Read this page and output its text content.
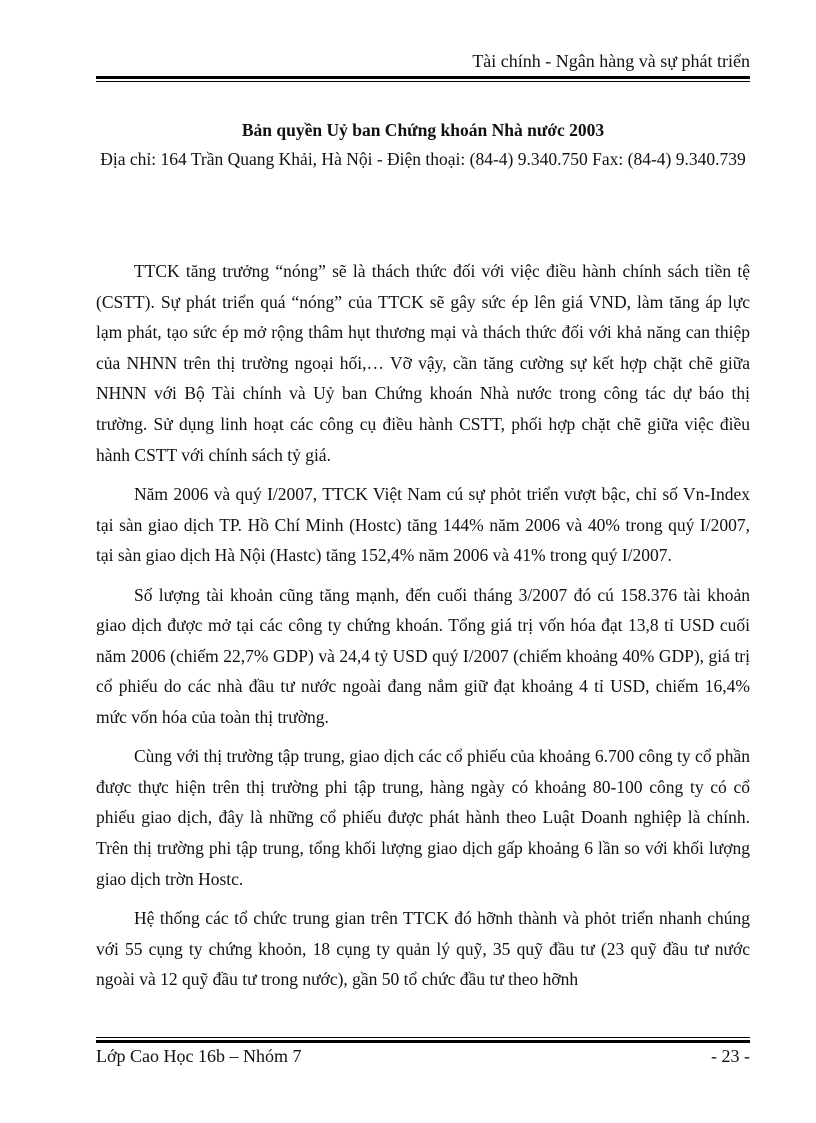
Tài chính - Ngân hàng và sự phát triển
Bản quyền Uỷ ban Chứng khoán Nhà nước 2003
Địa chỉ: 164 Trần Quang Khải, Hà Nội - Điện thoại: (84-4) 9.340.750 Fax: (84-4) 9.340.739

TTCK tăng trưởng “nóng” sẽ là thách thức đối với việc điều hành chính sách tiền tệ (CSTT). Sự phát triển quá “nóng” của TTCK sẽ gây sức ép lên giá VND, làm tăng áp lực lạm phát, tạo sức ép mở rộng thâm hụt thương mại và thách thức đối với khả năng can thiệp của NHNN trên thị trường ngoại hối,… Vỡ vậy, cần tăng cường sự kết hợp chặt chẽ giữa NHNN với Bộ Tài chính và Uỷ ban Chứng khoán Nhà nước trong công tác dự báo thị trường. Sử dụng linh hoạt các công cụ điều hành CSTT, phối hợp chặt chẽ giữa việc điều hành CSTT với chính sách tỷ giá.

Năm 2006 và quý I/2007, TTCK Việt Nam cú sự phỏt triển vượt bậc, chỉ số Vn-Index tại sàn giao dịch TP. Hồ Chí Minh (Hostc) tăng 144% năm 2006 và 40% trong quý I/2007, tại sàn giao dịch Hà Nội (Hastc) tăng 152,4% năm 2006 và 41% trong quý I/2007.

Số lượng tài khoản cũng tăng mạnh, đến cuối tháng 3/2007 đó cú 158.376 tài khoản giao dịch được mở tại các công ty chứng khoán. Tổng giá trị vốn hóa đạt 13,8 tỉ USD cuối năm 2006 (chiếm 22,7% GDP) và 24,4 tỷ USD quý I/2007 (chiếm khoảng 40% GDP), giá trị cổ phiếu do các nhà đầu tư nước ngoài đang nắm giữ đạt khoảng 4 tỉ USD, chiếm 16,4% mức vốn hóa của toàn thị trường.

Cùng với thị trường tập trung, giao dịch các cổ phiếu của khoảng 6.700 công ty cổ phần được thực hiện trên thị trường phi tập trung, hàng ngày có khoảng 80-100 công ty có cổ phiếu giao dịch, đây là những cổ phiếu được phát hành theo Luật Doanh nghiệp là chính. Trên thị trường phi tập trung, tổng khối lượng giao dịch gấp khoảng 6 lần so với khối lượng giao dịch trờn Hostc.

Hệ thống các tổ chức trung gian trên TTCK đó hỡnh thành và phỏt triển nhanh chúng với 55 cụng ty chứng khoỏn, 18 cụng ty quản lý quỹ, 35 quỹ đầu tư (23 quỹ đầu tư nước ngoài và 12 quỹ đầu tư trong nước), gần 50 tổ chức đầu tư theo hỡnh

Lớp Cao Học 16b – Nhóm 7	- 23 -
